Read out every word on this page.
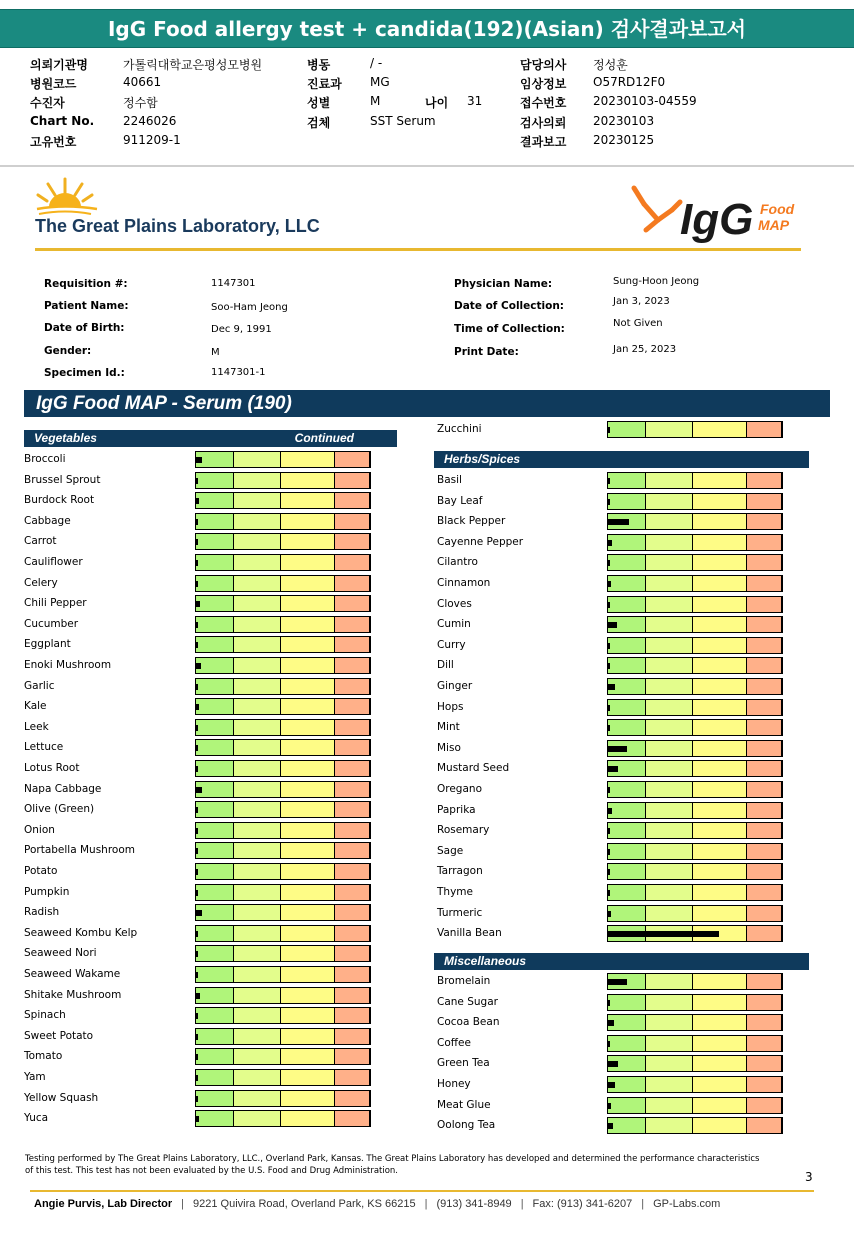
IgG Food allergy test + candida(192)(Asian) 검사결과보고서
의뢰기관명	가톨릭대학교은평성모병원	병동	/ -	담당의사 정성훈
병원코드	40661	진료과 MG	임상정보 O57RD12F0
수진자	정수함	성별	M	나이 31	접수번호 20230103-04559
Chart No. 2246026	검체	SST Serum	검사의뢰 20230103
고유번호	911209-1	결과보고 20230125
The Great Plains Laboratory, LLC	IgG Food
MAP
Requisition #:	1147301
Patient Name:	Soo-Ham Jeong
Date of Birth:	Dec 9, 1991
Gender:	M
Specimen Id.:	1147301-1
Physician Name:	Sung-Hoon Jeong
Date of Collection:	Jan 3, 2023
Time of Collection:	Not Given
Print Date:	Jan 25, 2023
IgG Food MAP - Serum (190)
Vegetables	Continued
Broccoli
Brussel Sprout
Burdock Root
Cabbage
Carrot
Cauliflower
Celery
Chili Pepper
Cucumber
Eggplant
Enoki Mushroom
Garlic
Kale
Leek
Lettuce
Lotus Root
Napa Cabbage
Olive (Green)
Onion
Portabella Mushroom
Potato
Pumpkin
Radish
Seaweed Kombu Kelp
Seaweed Nori
Seaweed Wakame
Shitake Mushroom
Spinach
Sweet Potato
Tomato
Yam
Yellow Squash
Yuca
Zucchini
Herbs/Spices
Basil
Bay Leaf
Black Pepper
Cayenne Pepper
Cilantro
Cinnamon
Cloves
Cumin
Curry
Dill
Ginger
Hops
Mint
Miso
Mustard Seed
Oregano
Paprika
Rosemary
Sage
Tarragon
Thyme
Turmeric
Vanilla Bean
Miscellaneous
Bromelain
Cane Sugar
Cocoa Bean
Coffee
Green Tea
Honey
Meat Glue
Oolong Tea
Testing performed by The Great Plains Laboratory, LLC., Overland Park, Kansas. The Great Plains Laboratory has developed and determined the performance characteristics of this test. This test has not been evaluated by the U.S. Food and Drug Administration.	3
Angie Purvis, Lab Director | 9221 Quivira Road, Overland Park, KS 66215 | (913) 341-8949 | Fax: (913) 341-6207 | GP-Labs.com
